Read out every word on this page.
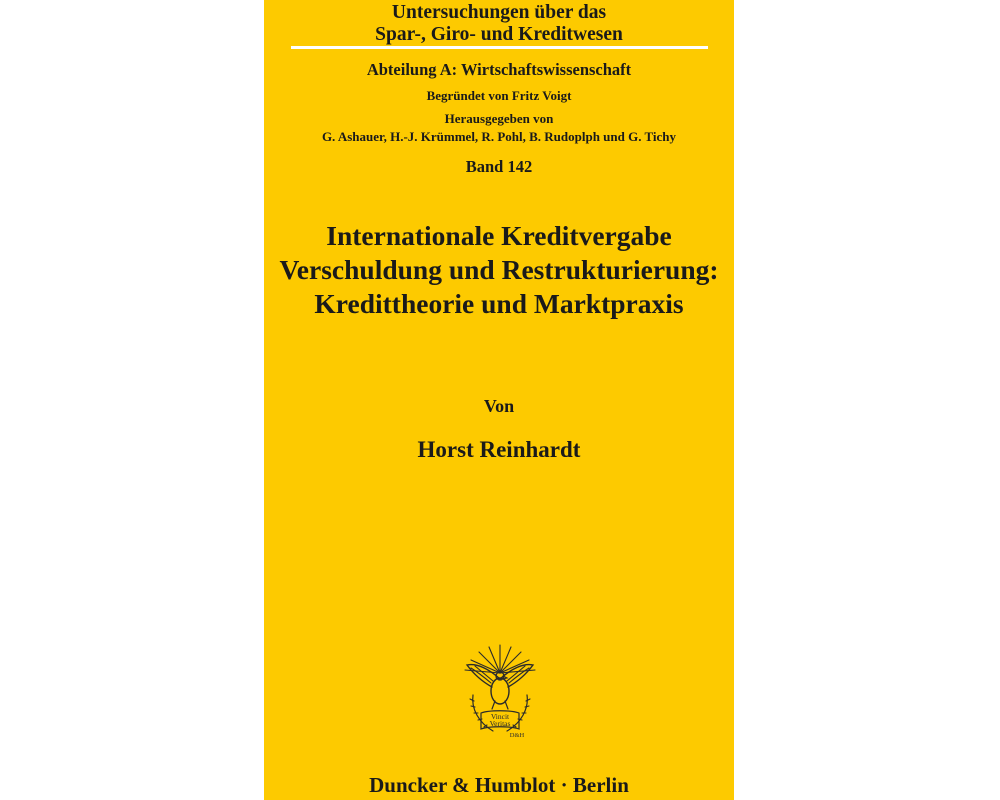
Untersuchungen über das
Spar-, Giro- und Kreditwesen
Abteilung A: Wirtschaftswissenschaft
Begründet von Fritz Voigt
Herausgegeben von
G. Ashauer, H.-J. Krümmel, R. Pohl, B. Rudoplph und G. Tichy
Band 142
Internationale Kreditvergabe
Verschuldung und Restrukturierung:
Kredittheorie und Marktpraxis
Von
Horst Reinhardt
Vincit
Veritas
D&H
Duncker & Humblot · Berlin
